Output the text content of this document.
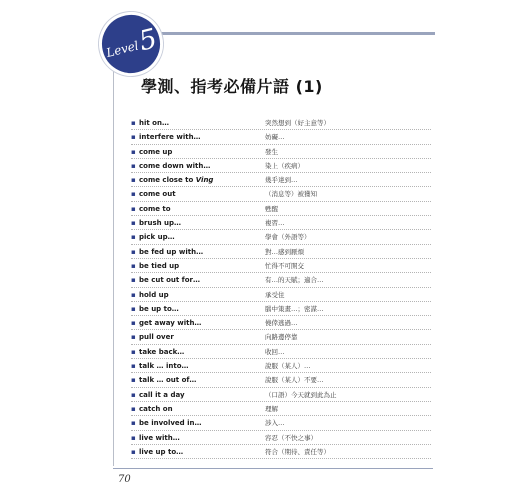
Level
5
學測、指考必備片語 (1)
▪ hit on…	突然想到（好主意等）
▪ interfere with…	妨礙…
▪ come up	發生
▪ come down with…	染上（疾病）
▪ come close to Ving	幾乎達到…
▪ come out	（消息等）被獲知
▪ come to	甦醒
▪ brush up…	複習…
▪ pick up…	學會（外語等）
▪ be fed up with…	對…感到厭煩
▪ be tied up	忙得不可開交
▪ be cut out for…	有…的天賦；適合…
▪ hold up	承受住
▪ be up to…	腦中策畫…；密謀…
▪ get away with…	僥倖逃過…
▪ pull over	向路邊停靠
▪ take back…	收回…
▪ talk … into…	說服（某人）…
▪ talk … out of…	說服（某人）不要…
▪ call it a day	（口語）今天就到此為止
▪ catch on	理解
▪ be involved in…	涉入…
▪ live with…	容忍（不快之事）
▪ live up to…	符合（期待、責任等）
70
